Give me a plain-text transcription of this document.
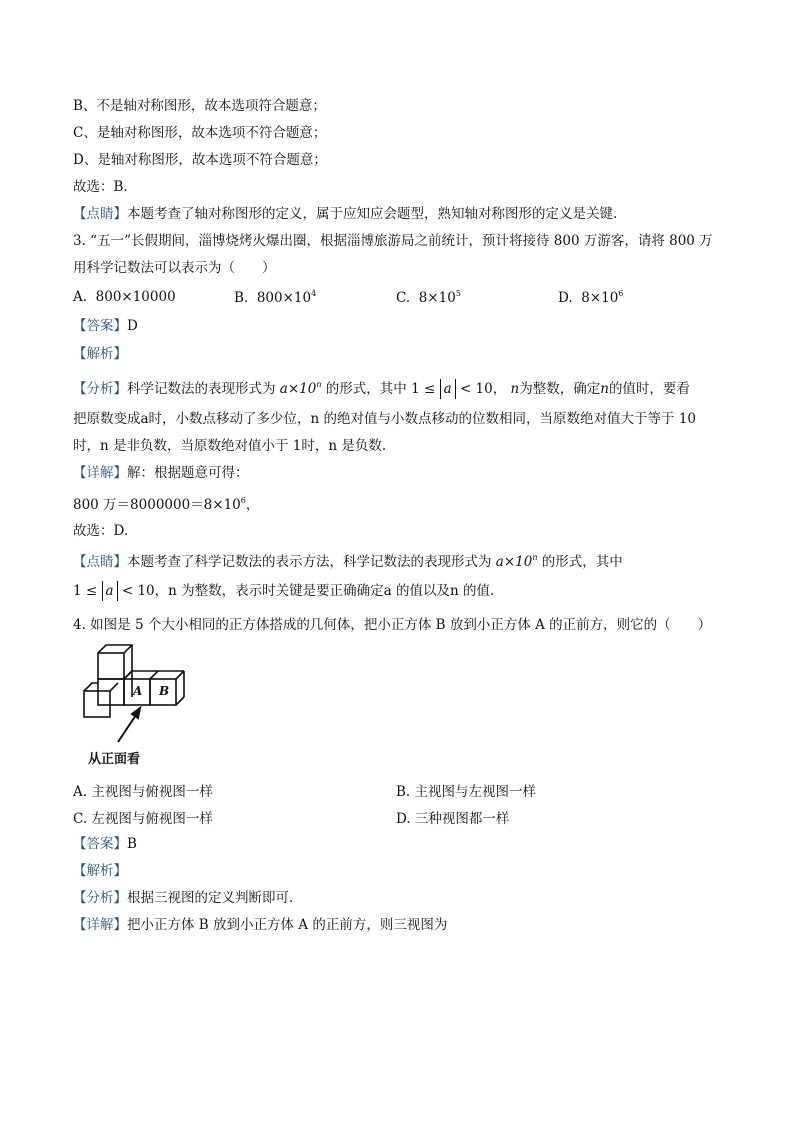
B、不是轴对称图形，故本选项符合题意；
C、是轴对称图形，故本选项不符合题意；
D、是轴对称图形，故本选项不符合题意；
故选：B.
【点睛】本题考查了轴对称图形的定义，属于应知应会题型，熟知轴对称图形的定义是关键.
3. “五一”长假期间，淄博烧烤火爆出圈，根据淄博旅游局之前统计，预计将接待 800 万游客，请将 800 万
用科学记数法可以表示为（　　）
A. 800×10000	B. $800\times 10^4$	C. $8\times 10^5$	D. $8\times 10^6$
【答案】D
【解析】
【分析】科学记数法的表现形式为 $a\times 10^n$ 的形式，其中 1 ≤ a < 10， n为整数，确定n的值时，要看
把原数变成a时，小数点移动了多少位，n 的绝对值与小数点移动的位数相同，当原数绝对值大于等于 10
时，n 是非负数，当原数绝对值小于 1时，n 是负数.
【详解】解：根据题意可得：
800 万$=8000000=8\times 10^6$，
故选：D.
【点睛】本题考查了科学记数法的表示方法，科学记数法的表现形式为 $a\times 10^n$ 的形式，其中
1 ≤ a < 10，n 为整数，表示时关键是要正确确定a 的值以及n 的值.
4. 如图是 5 个大小相同的正方体搭成的几何体，把小正方体 B 放到小正方体 A 的正前方，则它的（　　）
A B
从正面看
A. 主视图与俯视图一样	B. 主视图与左视图一样
C. 左视图与俯视图一样	D. 三种视图都一样
【答案】B
【解析】
【分析】根据三视图的定义判断即可.
【详解】把小正方体 B 放到小正方体 A 的正前方，则三视图为
